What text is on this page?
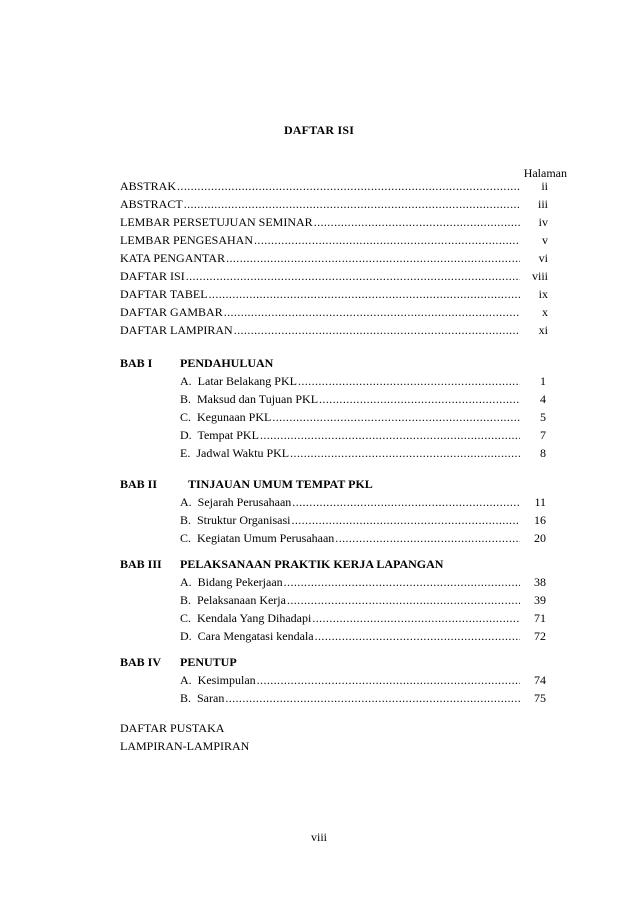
DAFTAR ISI
Halaman
ABSTRAK .....	ii
ABSTRACT .....	iii
LEMBAR PERSETUJUAN SEMINAR .....	iv
LEMBAR PENGESAHAN .....	v
KATA PENGANTAR .....	vi
DAFTAR ISI .....	viii
DAFTAR TABEL .....	ix
DAFTAR GAMBAR .....	x
DAFTAR LAMPIRAN .....	xi
BAB I PENDAHULUAN
A.  Latar Belakang PKL .....	1
B.  Maksud dan Tujuan PKL .....	4
C.  Kegunaan PKL .....	5
D.  Tempat PKL .....	7
E.  Jadwal Waktu PKL .....	8
BAB II	TINJAUAN UMUM TEMPAT PKL
A.  Sejarah Perusahaan .....	11
B.  Struktur Organisasi .....	16
C.  Kegiatan Umum Perusahaan .....	20
BAB III PELAKSANAAN PRAKTIK KERJA LAPANGAN
A.  Bidang Pekerjaan .....	38
B.  Pelaksanaan Kerja .....	39
C.  Kendala Yang Dihadapi .....	71
D.  Cara Mengatasi kendala .....	72
BAB IV PENUTUP
A.  Kesimpulan .....	74
B.  Saran .....	75
DAFTAR PUSTAKA
LAMPIRAN-LAMPIRAN
viii
